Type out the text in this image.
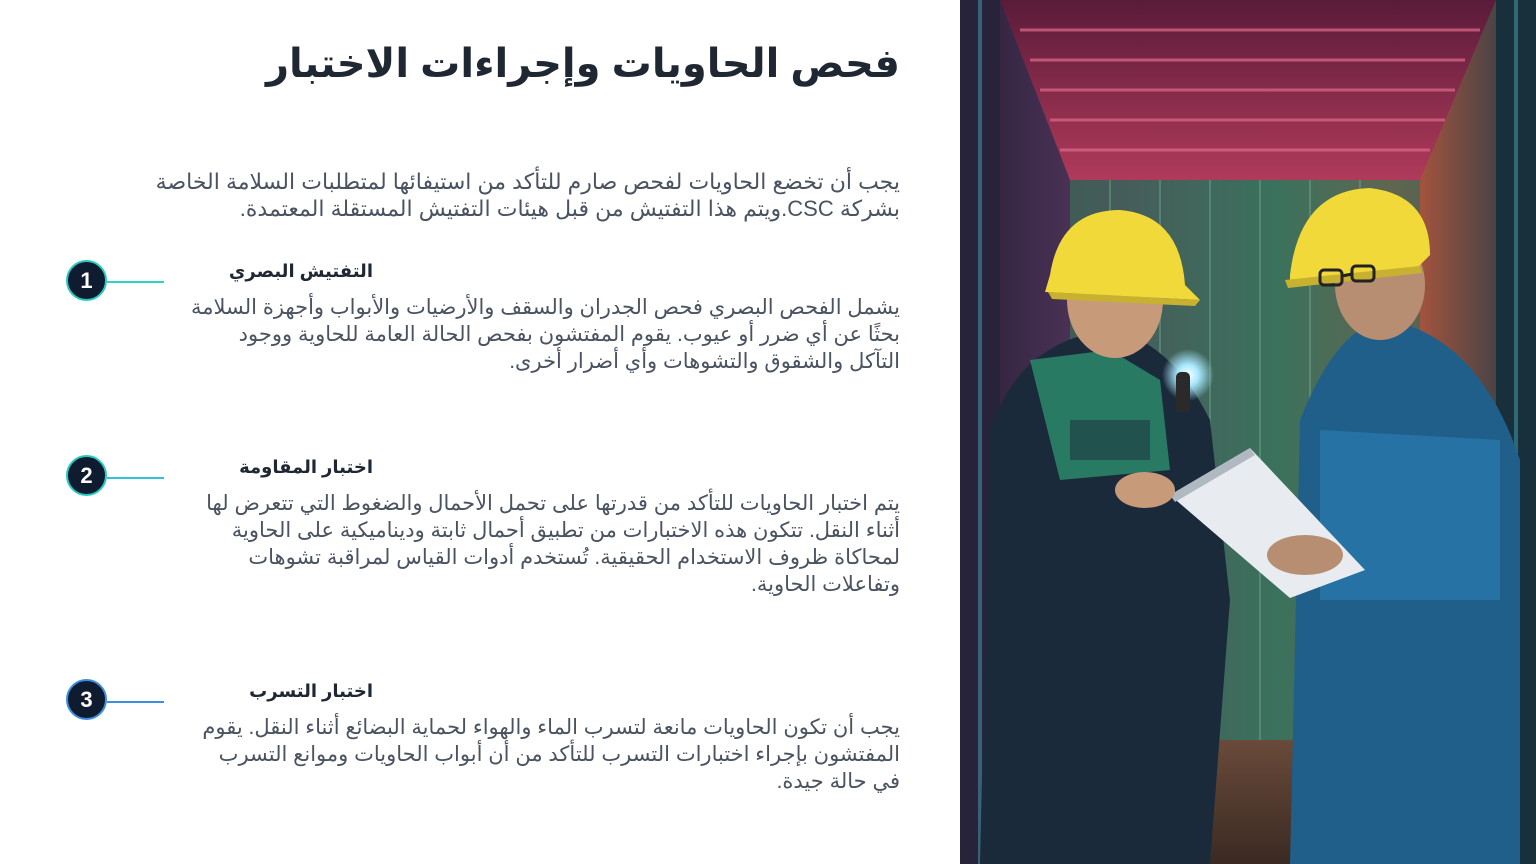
فحص الحاويات وإجراءات الاختبار

يجب أن تخضع الحاويات لفحص صارم للتأكد من استيفائها لمتطلبات السلامة الخاصة بشركة CSC.ويتم هذا التفتيش من قبل هيئات التفتيش المستقلة المعتمدة.

1	التفتيش البصري
يشمل الفحص البصري فحص الجدران والسقف والأرضيات والأبواب وأجهزة السلامة بحثًا عن أي ضرر أو عيوب. يقوم المفتشون بفحص الحالة العامة للحاوية ووجود التآكل والشقوق والتشوهات وأي أضرار أخرى.
2	اختبار المقاومة
يتم اختبار الحاويات للتأكد من قدرتها على تحمل الأحمال والضغوط التي تتعرض لها أثناء النقل. تتكون هذه الاختبارات من تطبيق أحمال ثابتة وديناميكية على الحاوية لمحاكاة ظروف الاستخدام الحقيقية. تُستخدم أدوات القياس لمراقبة تشوهات وتفاعلات الحاوية.
3	اختبار التسرب
يجب أن تكون الحاويات مانعة لتسرب الماء والهواء لحماية البضائع أثناء النقل. يقوم المفتشون بإجراء اختبارات التسرب للتأكد من أن أبواب الحاويات وموانع التسرب في حالة جيدة.
